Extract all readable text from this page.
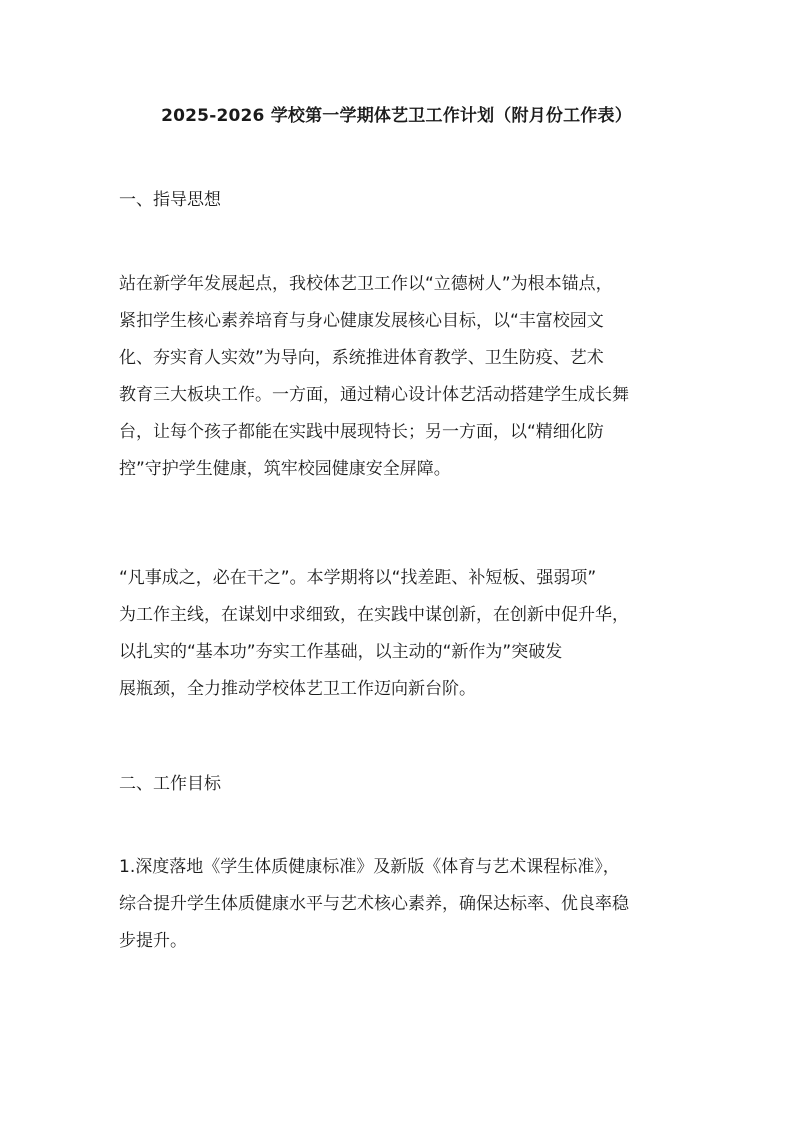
2025-2026 学校第一学期体艺卫工作计划（附月份工作表）
一、指导思想

站在新学年发展起点，我校体艺卫工作以“立德树人”为根本锚点，
紧扣学生核心素养培育与身心健康发展核心目标，以“丰富校园文
化、夯实育人实效”为导向，系统推进体育教学、卫生防疫、艺术
教育三大板块工作。一方面，通过精心设计体艺活动搭建学生成长舞
台，让每个孩子都能在实践中展现特长；另一方面，以“精细化防
控”守护学生健康，筑牢校园健康安全屏障。

“凡事成之，必在干之”。本学期将以“找差距、补短板、强弱项”
为工作主线，在谋划中求细致，在实践中谋创新，在创新中促升华，
以扎实的“基本功”夯实工作基础，以主动的“新作为”突破发
展瓶颈，全力推动学校体艺卫工作迈向新台阶。

二、工作目标

1.深度落地《学生体质健康标准》及新版《体育与艺术课程标准》，
综合提升学生体质健康水平与艺术核心素养，确保达标率、优良率稳
步提升。
